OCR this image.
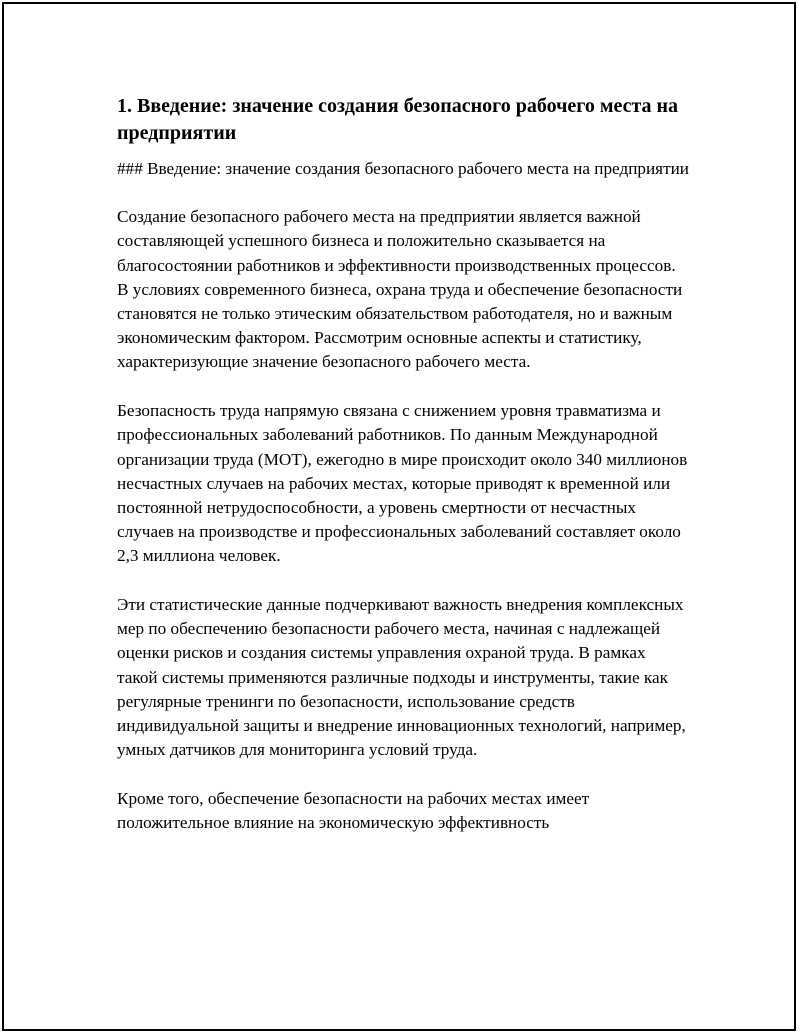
1. Введение: значение создания безопасного рабочего места на предприятии
### Введение: значение создания безопасного рабочего места на предприятии

Создание безопасного рабочего места на предприятии является важной составляющей успешного бизнеса и положительно сказывается на благосостоянии работников и эффективности производственных процессов. В условиях современного бизнеса, охрана труда и обеспечение безопасности становятся не только этическим обязательством работодателя, но и важным экономическим фактором. Рассмотрим основные аспекты и статистику, характеризующие значение безопасного рабочего места.

Безопасность труда напрямую связана с снижением уровня травматизма и профессиональных заболеваний работников. По данным Международной организации труда (МОТ), ежегодно в мире происходит около 340 миллионов несчастных случаев на рабочих местах, которые приводят к временной или постоянной нетрудоспособности, а уровень смертности от несчастных случаев на производстве и профессиональных заболеваний составляет около 2,3 миллиона человек.

Эти статистические данные подчеркивают важность внедрения комплексных мер по обеспечению безопасности рабочего места, начиная с надлежащей оценки рисков и создания системы управления охраной труда. В рамках такой системы применяются различные подходы и инструменты, такие как регулярные тренинги по безопасности, использование средств индивидуальной защиты и внедрение инновационных технологий, например, умных датчиков для мониторинга условий труда.

Кроме того, обеспечение безопасности на рабочих местах имеет положительное влияние на экономическую эффективность
